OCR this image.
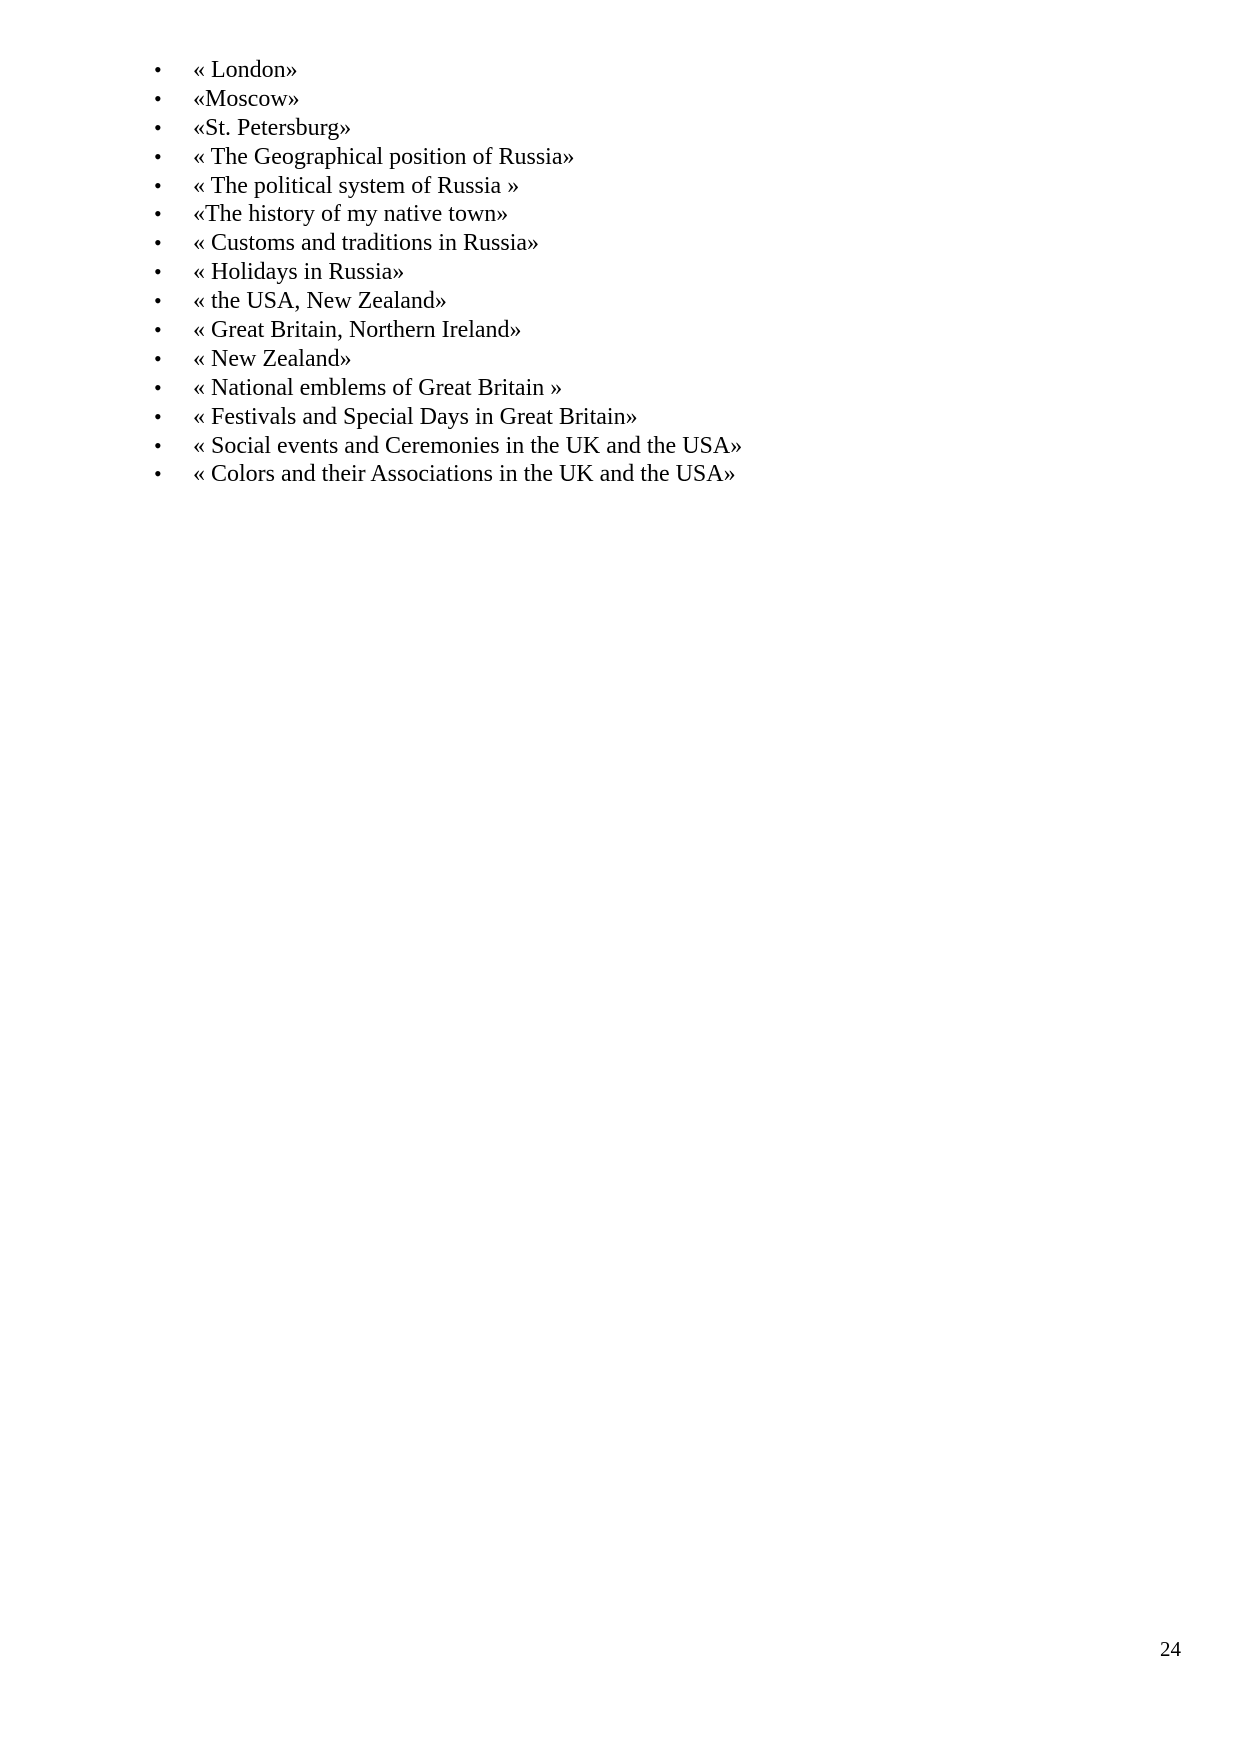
• « London»
• «Moscow»
• «St. Petersburg»
• « The Geographical position of Russia»
• « The political system of Russia »
• «The history of my native town»
• « Customs and traditions in Russia»
• « Holidays in Russia»
• « the USA, New Zealand»
• « Great Britain, Northern Ireland»
• « New Zealand»
• « National emblems of Great Britain »
• « Festivals and Special Days in Great Britain»
• « Social events and Ceremonies in the UK and the USA»
• « Colors and their Associations in the UK and the USA»
24
